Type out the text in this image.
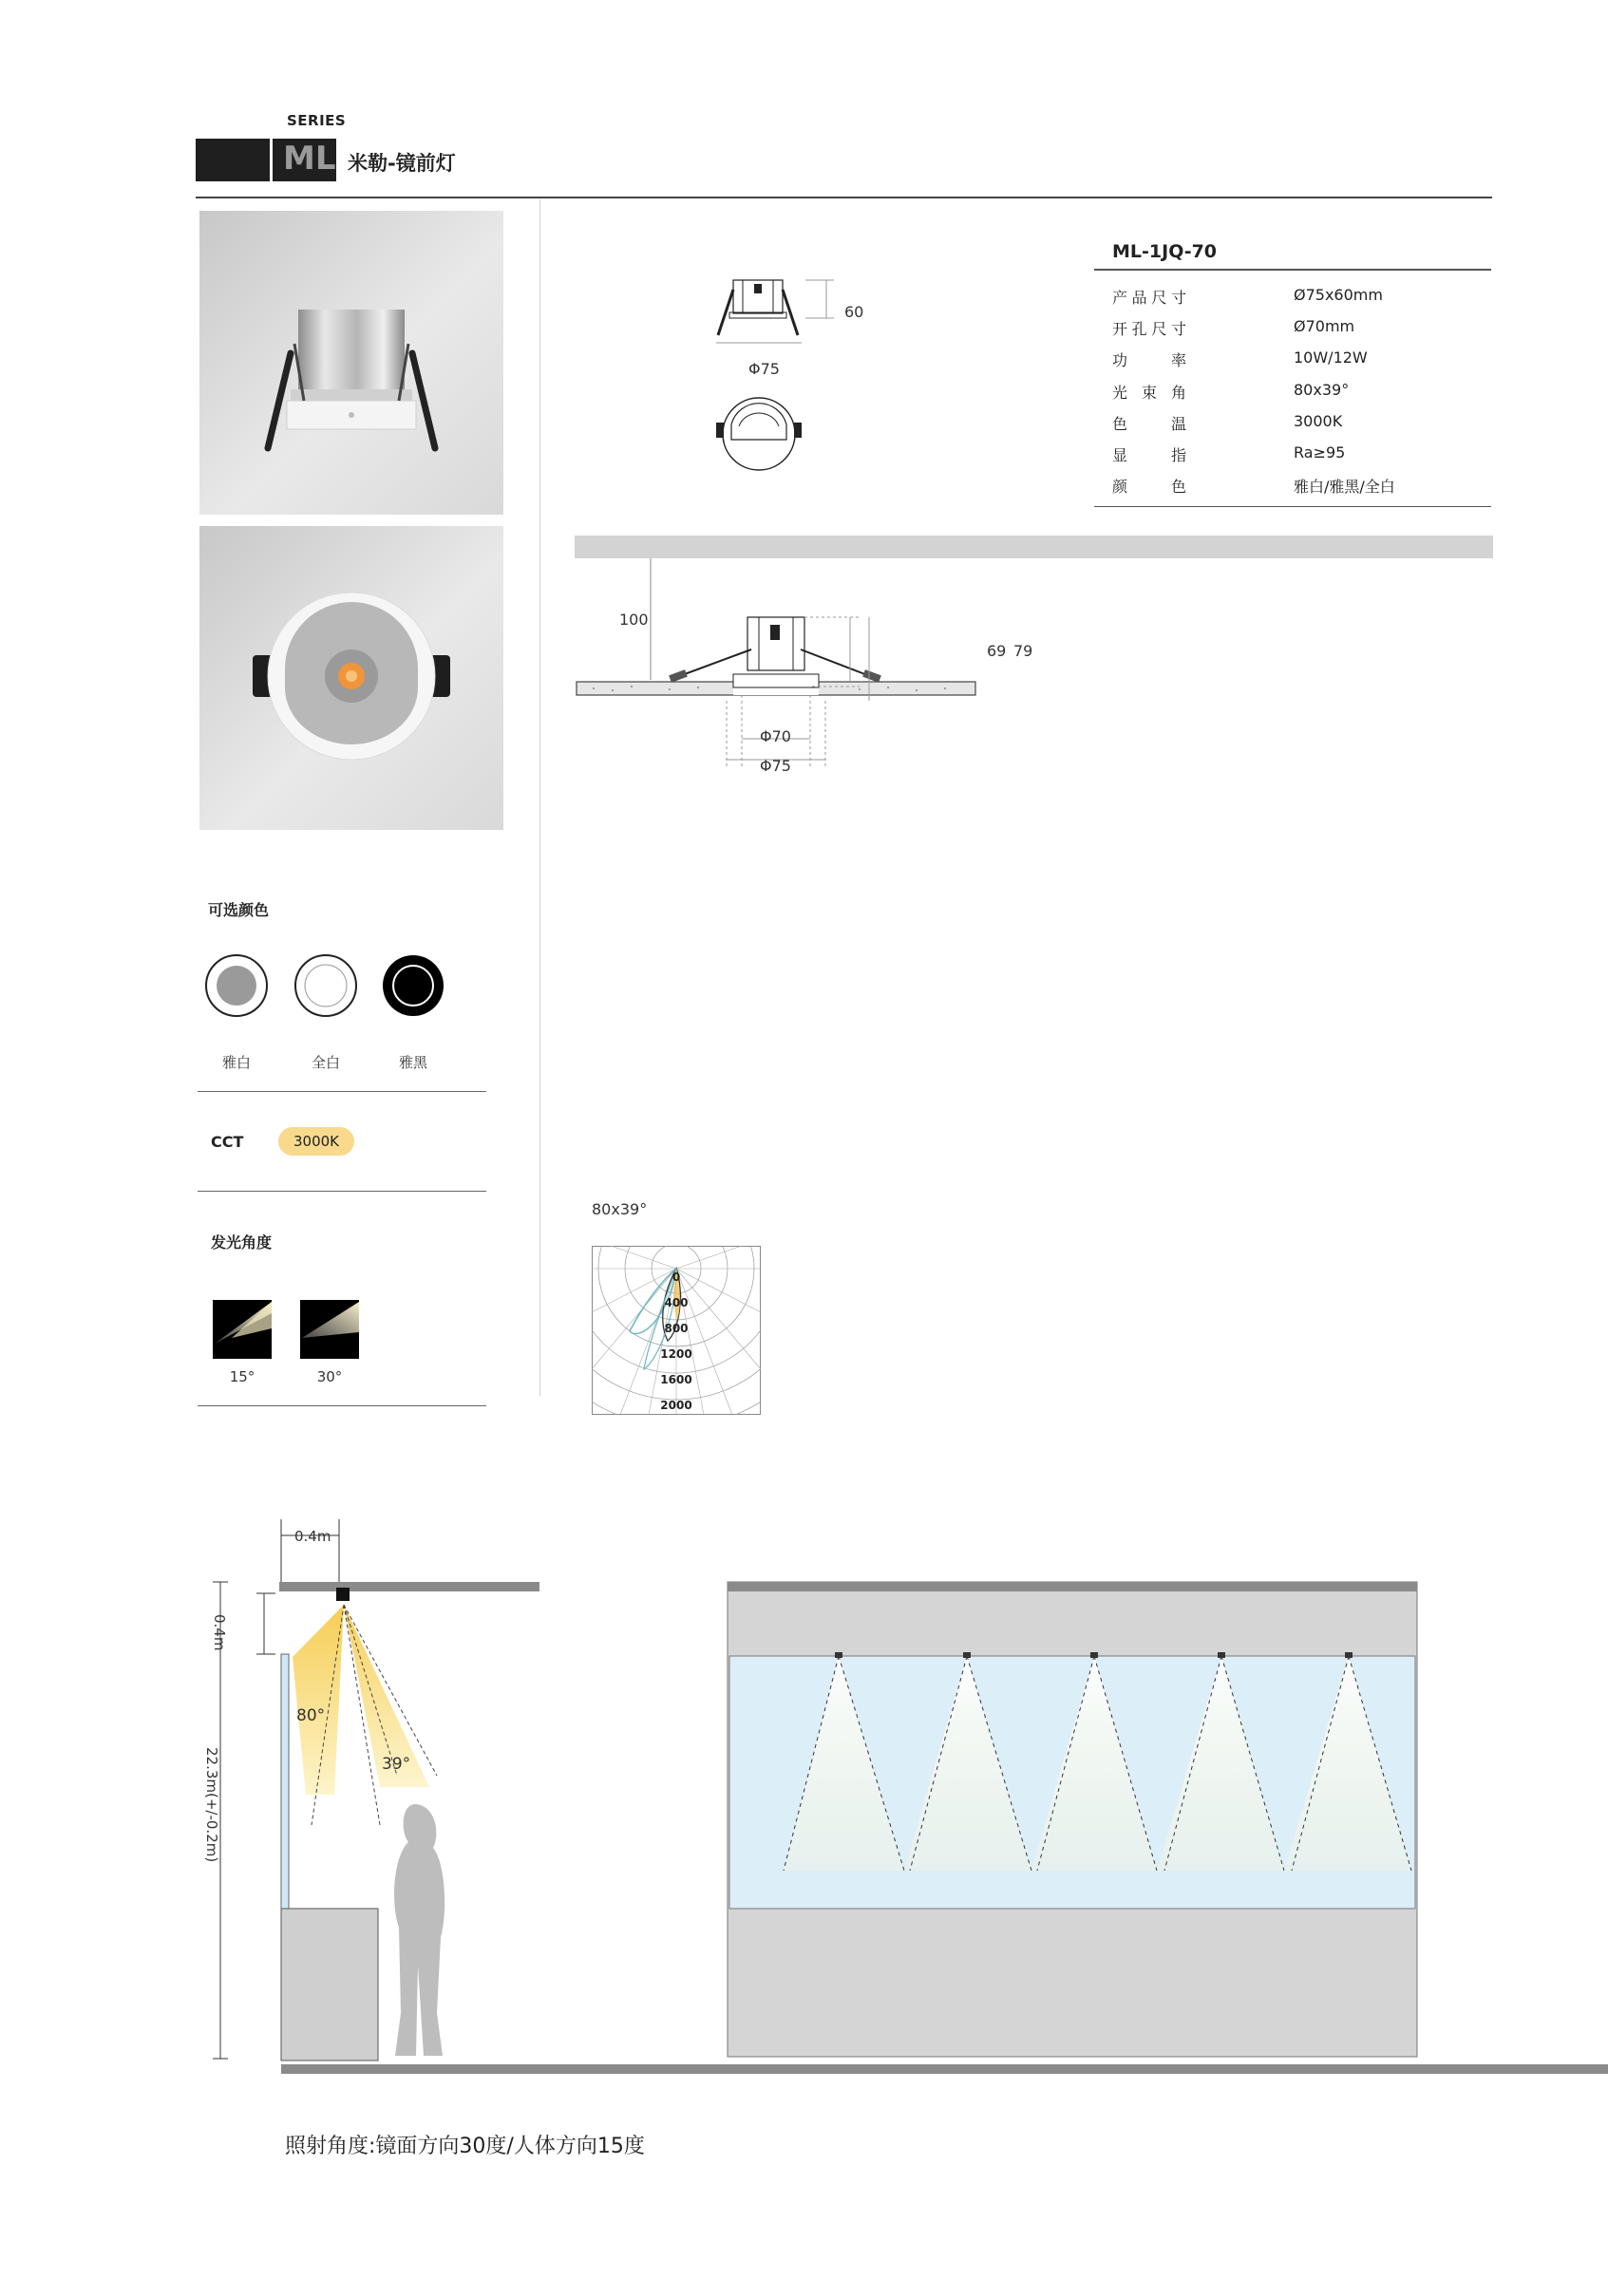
SERIES
ML 米勒-镜前灯
可选颜色
雅白	全白	雅黑
CCT	3000K
发光角度
15°	30°
60
Φ75
ML-1JQ-70
产品尺寸	Ø75x60mm
开孔尺寸	Ø70mm
功率	10W/12W
光束角	80x39°
色温	3000K
显指	Ra≥95
颜色	雅白/雅黑/全白
100
69 79
Φ70
Φ75
80x39°
0
400
800
1200
1600
2000
0.4m
0.4m
22.3m(+/-0.2m)
80°
39°
照射角度:镜面方向30度/人体方向15度
